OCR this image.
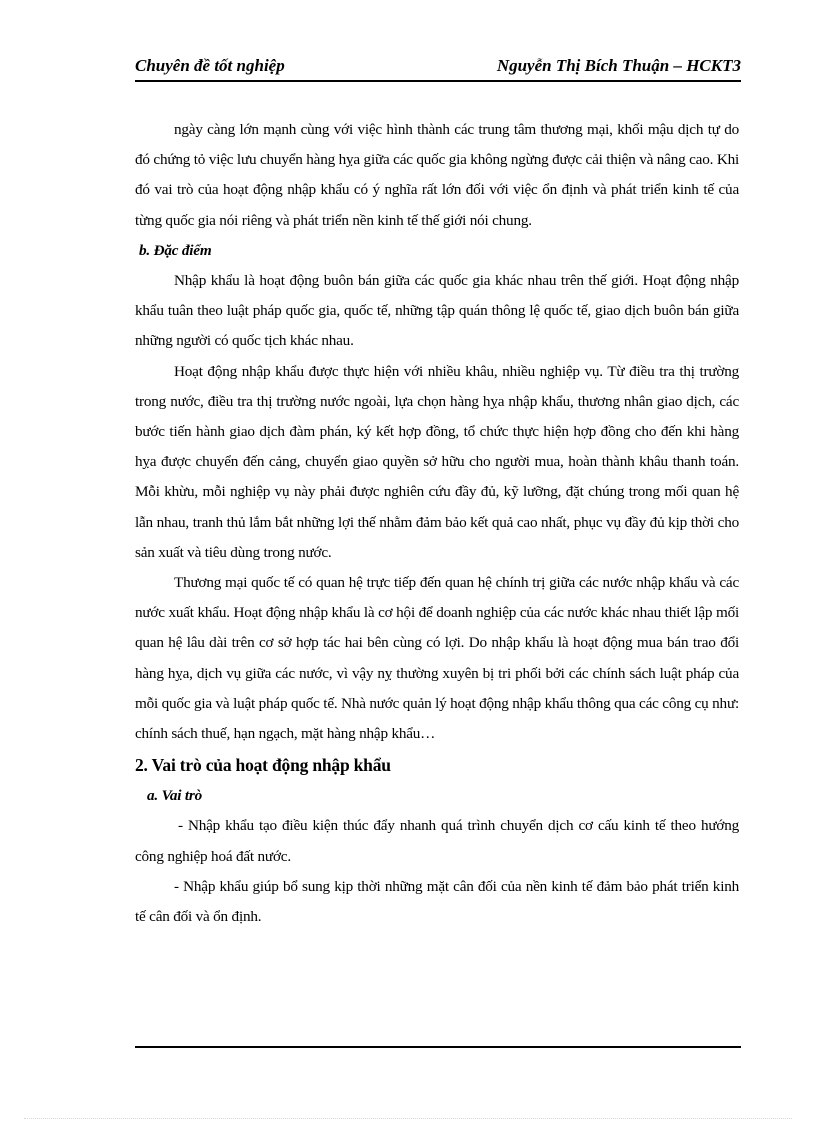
Chuyên đề tốt nghiệp	Nguyễn Thị Bích Thuận – HCKT3

ngày càng lớn mạnh cùng với việc hình thành các trung tâm thương mại, khối mậu dịch tự do đó chứng tỏ việc lưu chuyển hàng hỵa giữa các quốc gia không ngừng được cải thiện và nâng cao. Khi đó vai trò của hoạt động nhập khẩu có ý nghĩa rất lớn đối với việc ổn định và phát triển kinh tế của từng quốc gia nói riêng và phát triển nền kinh tế thế giới nói chung.

b. Đặc điểm

Nhập khẩu là hoạt động buôn bán giữa các quốc gia khác nhau trên thế giới. Hoạt động nhập khẩu tuân theo luật pháp quốc gia, quốc tế, những tập quán thông lệ quốc tế, giao dịch buôn bán giữa những người có quốc tịch khác nhau.

Hoạt động nhập khẩu được thực hiện với nhiều khâu, nhiều nghiệp vụ. Từ điều tra thị trường trong nước, điều tra thị trường nước ngoài, lựa chọn hàng hỵa nhập khẩu, thương nhân giao dịch, các bước tiến hành giao dịch đàm phán, ký kết hợp đồng, tổ chức thực hiện hợp đồng cho đến khi hàng hỵa được chuyển đến cảng, chuyển giao quyền sở hữu cho người mua, hoàn thành khâu thanh toán. Mỗi khừu, mỗi nghiệp vụ này phải được nghiên cứu đầy đủ, kỹ lưỡng, đặt chúng trong mối quan hệ lẫn nhau, tranh thủ lắm bắt những lợi thế nhằm đảm bảo kết quả cao nhất, phục vụ đầy đủ kịp thời cho sản xuất và tiêu dùng trong nước.

Thương mại quốc tế có quan hệ trực tiếp đến quan hệ chính trị giữa các nước nhập khẩu và các nước xuất khẩu. Hoạt động nhập khẩu là cơ hội để doanh nghiệp của các nước khác nhau thiết lập mối quan hệ lâu dài trên cơ sở hợp tác hai bên cùng có lợi. Do nhập khẩu là hoạt động mua bán trao đổi hàng hỵa, dịch vụ giữa các nước, vì vậy nỵ thường xuyên bị tri phối bởi các chính sách luật pháp của mỗi quốc gia và luật pháp quốc tế. Nhà nước quản lý hoạt động nhập khẩu thông qua các công cụ như: chính sách thuế, hạn ngạch, mặt hàng nhập khẩu…

2. Vai trò của hoạt động nhập khẩu

a. Vai trò

- Nhập khẩu tạo điều kiện thúc đẩy nhanh quá trình chuyển dịch cơ cấu kinh tế theo hướng công nghiệp hoá đất nước.

- Nhập khẩu giúp bổ sung kịp thời những mặt cân đối của nền kinh tế đảm bảo phát triển kinh tế cân đối và ổn định.
